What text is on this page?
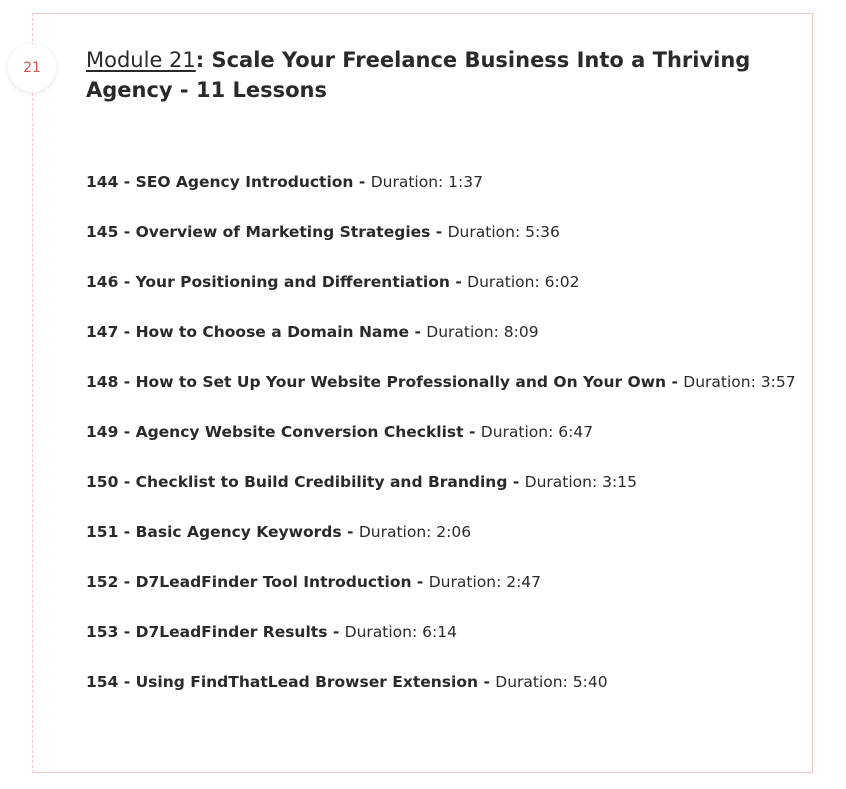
21 Module 21: Scale Your Freelance Business Into a Thriving Agency - 11 Lessons
144 - SEO Agency Introduction - Duration: 1:37
145 - Overview of Marketing Strategies - Duration: 5:36
146 - Your Positioning and Differentiation - Duration: 6:02
147 - How to Choose a Domain Name - Duration: 8:09
148 - How to Set Up Your Website Professionally and On Your Own - Duration: 3:57
149 - Agency Website Conversion Checklist - Duration: 6:47
150 - Checklist to Build Credibility and Branding - Duration: 3:15
151 - Basic Agency Keywords - Duration: 2:06
152 - D7LeadFinder Tool Introduction - Duration: 2:47
153 - D7LeadFinder Results - Duration: 6:14
154 - Using FindThatLead Browser Extension - Duration: 5:40
